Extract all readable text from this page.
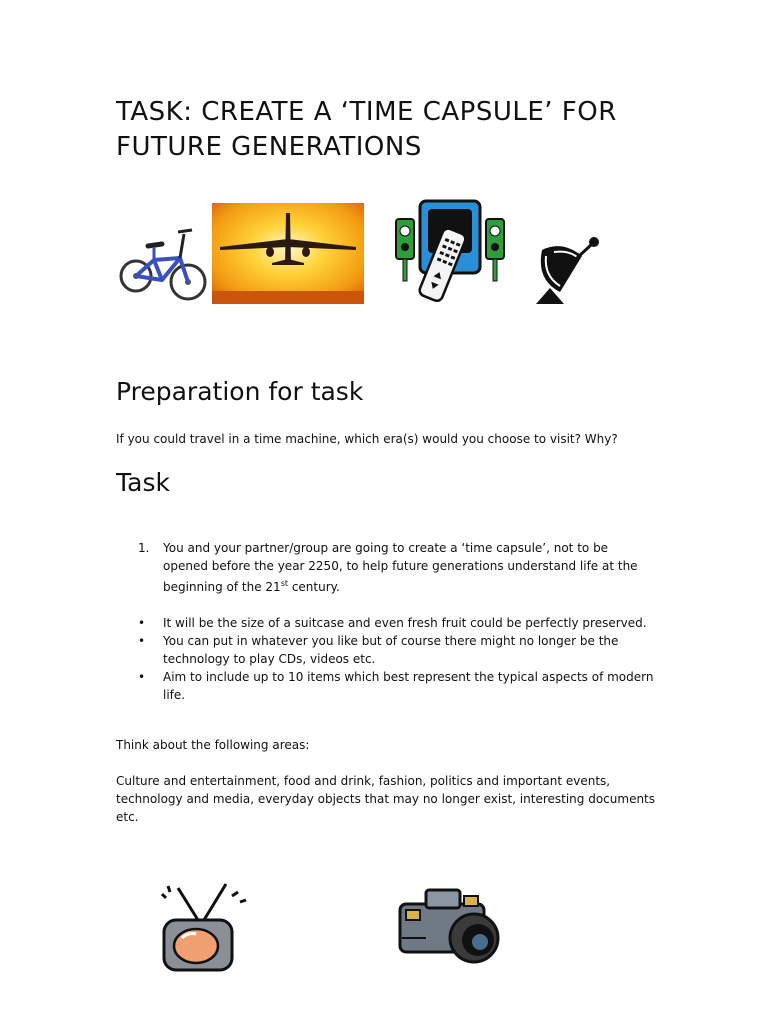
TASK: CREATE A ‘TIME CAPSULE’ FOR
FUTURE GENERATIONS
Preparation for task

If you could travel in a time machine, which era(s) would you choose to visit? Why?

Task
1. You and your partner/group are going to create a ‘time capsule’, not to be opened before the year 2250, to help future generations understand life at the beginning of the 21st century.
• It will be the size of a suitcase and even fresh fruit could be perfectly preserved.
• You can put in whatever you like but of course there might no longer be the technology to play CDs, videos etc.
• Aim to include up to 10 items which best represent the typical aspects of modern life.

Think about the following areas:

Culture and entertainment, food and drink, fashion, politics and important events, technology and media, everyday objects that may no longer exist, interesting documents etc.
